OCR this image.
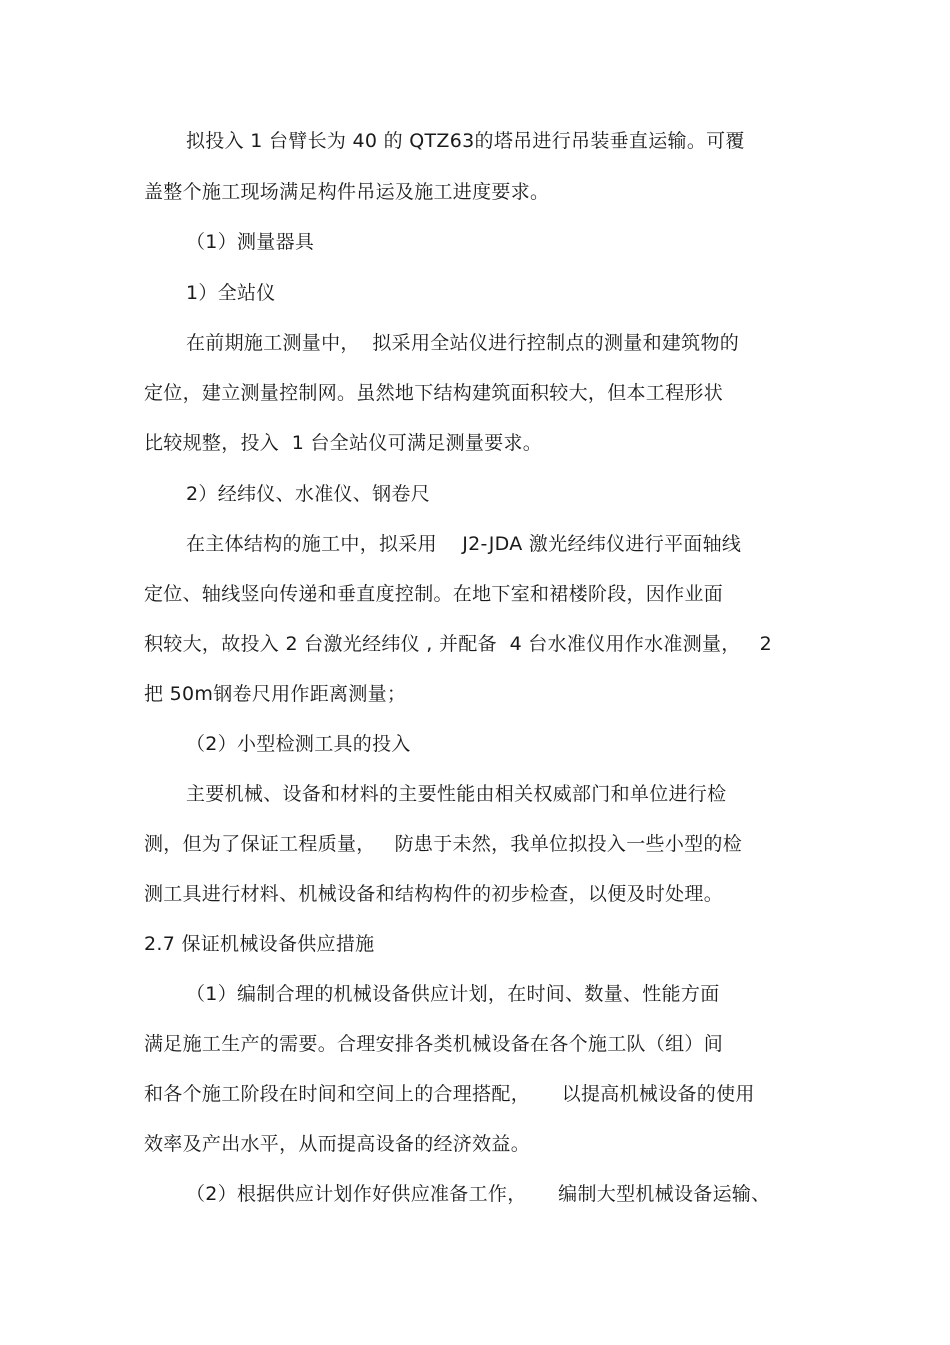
拟投入 1 台臂长为 40 的 QTZ63的塔吊进行吊装垂直运输。可覆
盖整个施工现场满足构件吊运及施工进度要求。
（1）测量器具
1）全站仪
在前期施工测量中，  拟采用全站仪进行控制点的测量和建筑物的
定位，建立测量控制网。虽然地下结构建筑面积较大，但本工程形状
比较规整，投入  1 台全站仪可满足测量要求。
2）经纬仪、水准仪、钢卷尺
在主体结构的施工中，拟采用    J2-JDA 激光经纬仪进行平面轴线
定位、轴线竖向传递和垂直度控制。在地下室和裙楼阶段，因作业面
积较大，故投入 2 台激光经纬仪 , 并配备  4 台水准仪用作水准测量，   2
把 50m钢卷尺用作距离测量；
（2）小型检测工具的投入
主要机械、设备和材料的主要性能由相关权威部门和单位进行检
测，但为了保证工程质量，   防患于未然，我单位拟投入一些小型的检
测工具进行材料、机械设备和结构构件的初步检查，以便及时处理。
2.7 保证机械设备供应措施
（1）编制合理的机械设备供应计划，在时间、数量、性能方面
满足施工生产的需要。合理安排各类机械设备在各个施工队（组）间
和各个施工阶段在时间和空间上的合理搭配，     以提高机械设备的使用
效率及产出水平，从而提高设备的经济效益。
（2）根据供应计划作好供应准备工作，     编制大型机械设备运输、
